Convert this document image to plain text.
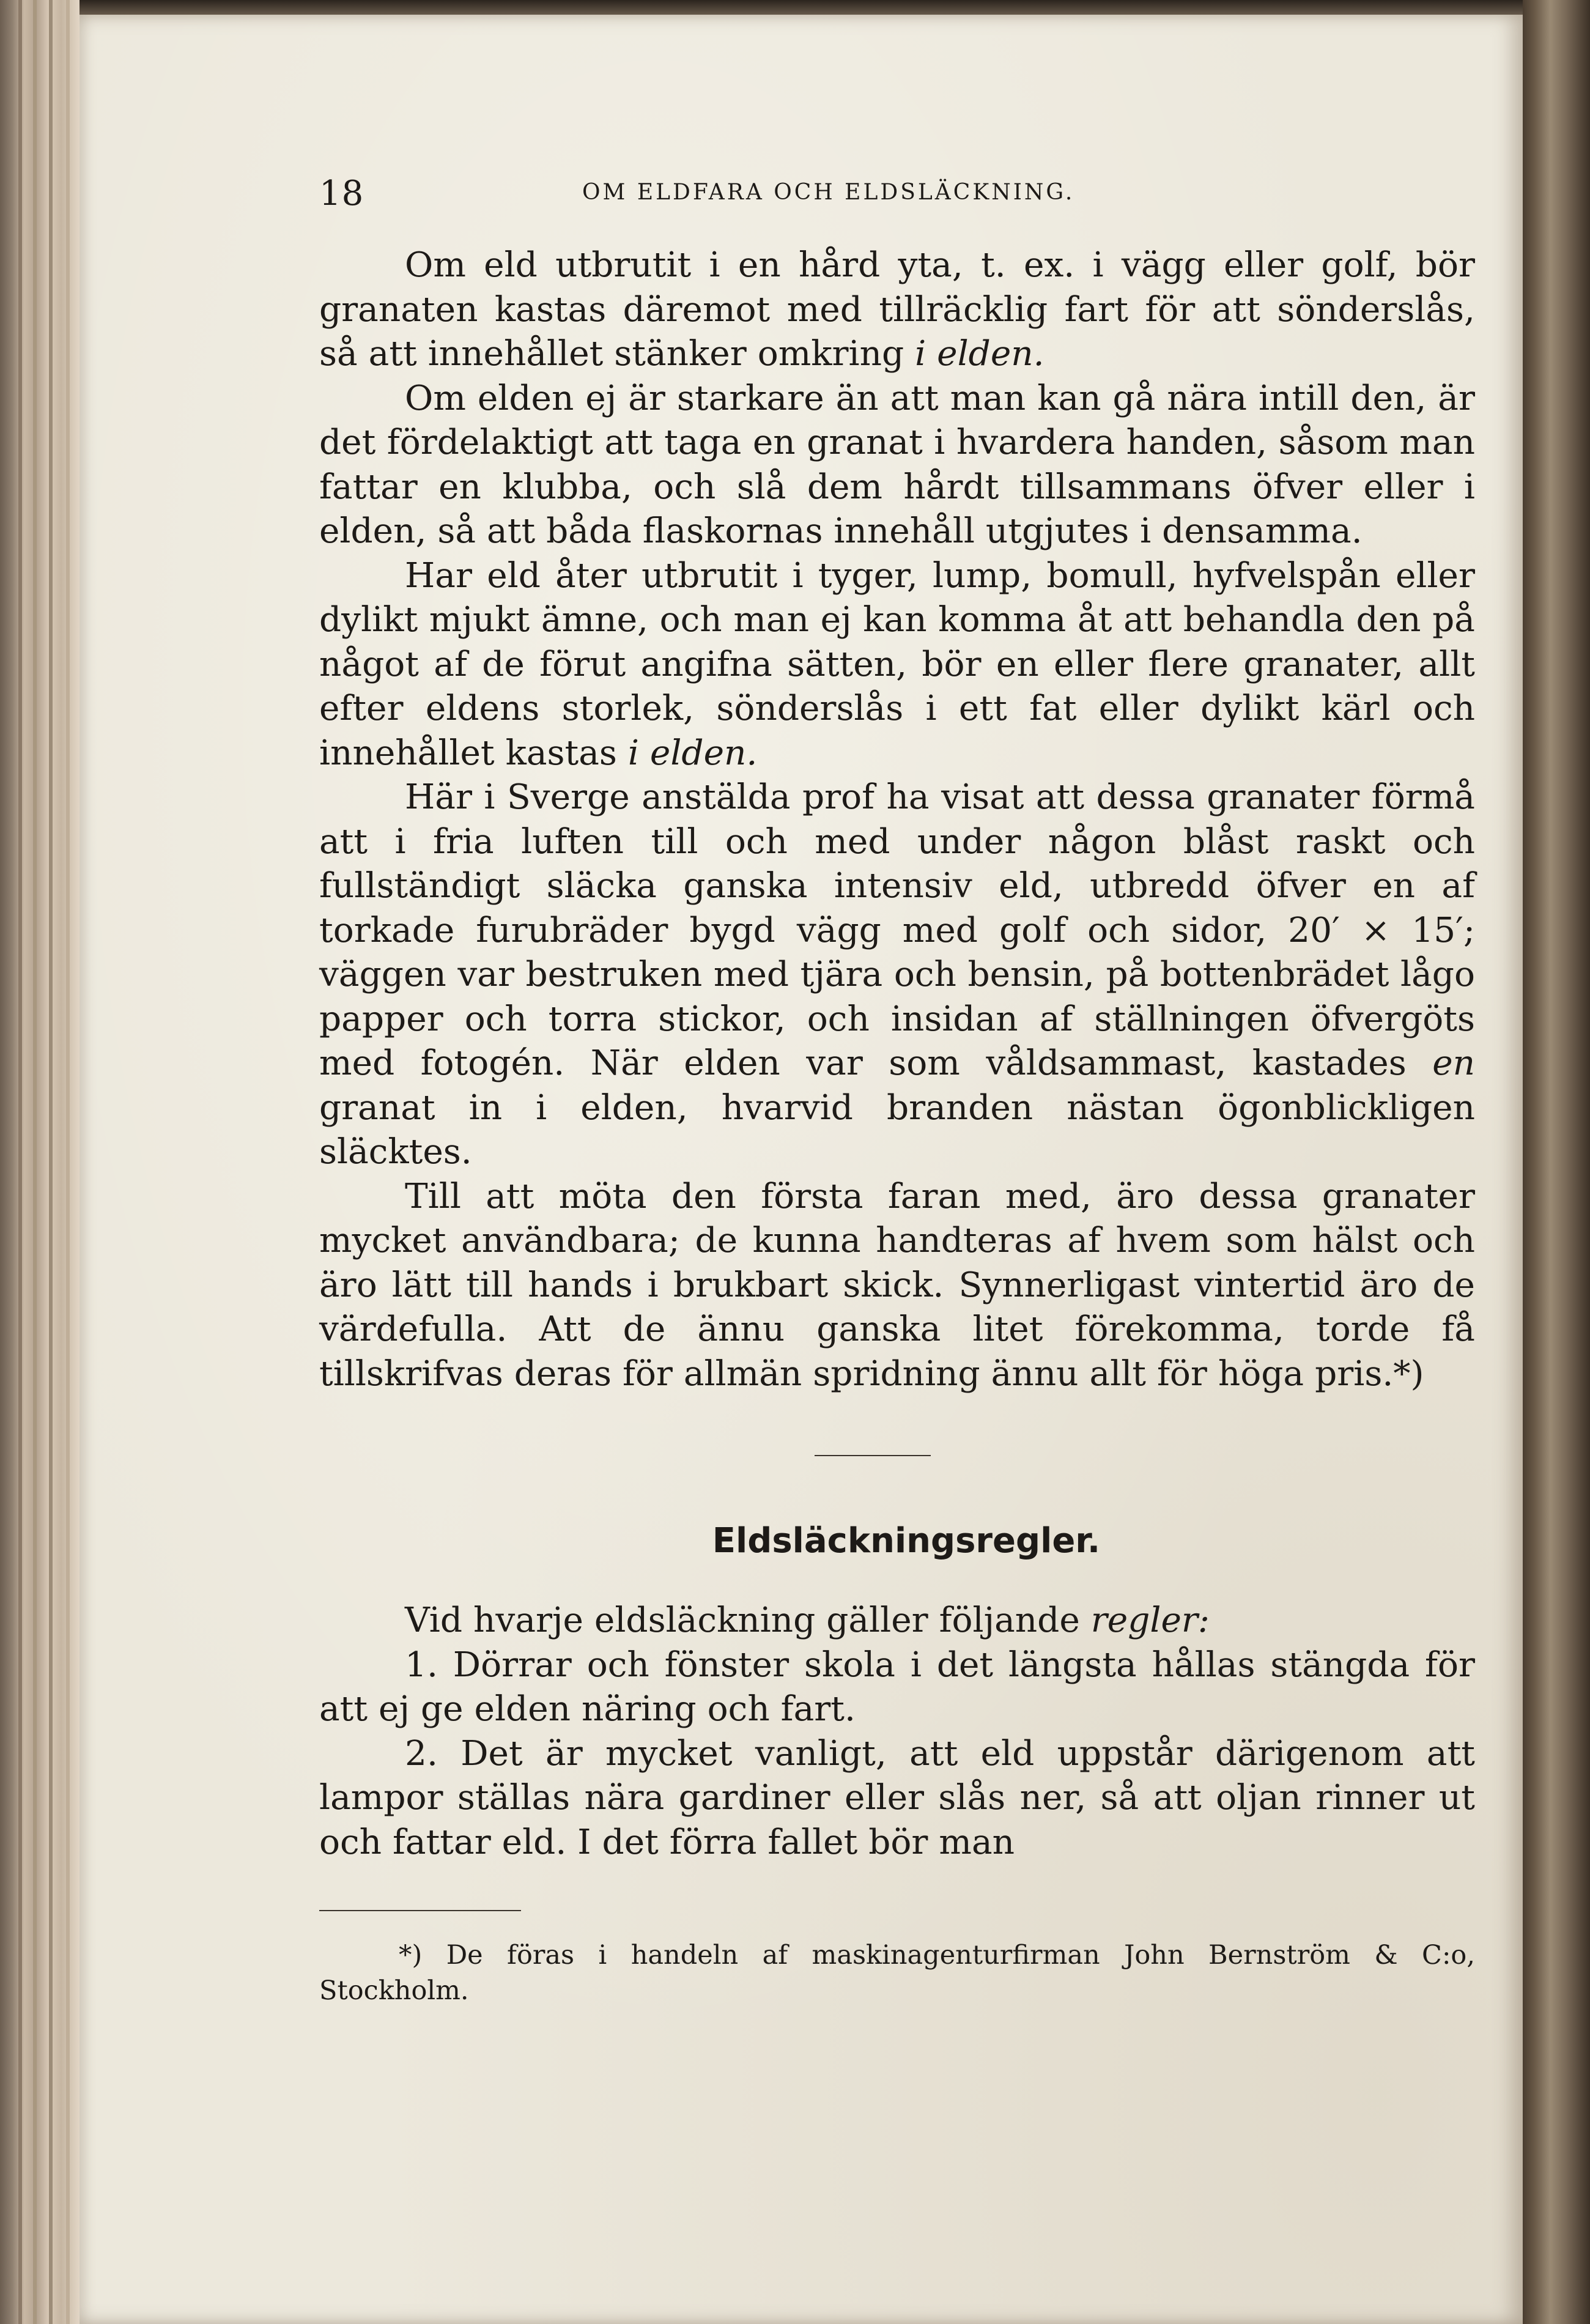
18	OM ELDFARA OCH ELDSLÄCKNING.

Om eld utbrutit i en hård yta, t. ex. i vägg eller golf, bör granaten kastas däremot med tillräcklig fart för att sönderslås, så att innehållet stänker omkring i elden.

Om elden ej är starkare än att man kan gå nära intill den, är det fördelaktigt att taga en granat i hvardera handen, såsom man fattar en klubba, och slå dem hårdt tillsammans öfver eller i elden, så att båda flaskornas innehåll utgjutes i densamma.

Har eld åter utbrutit i tyger, lump, bomull, hyfvelspån eller dylikt mjukt ämne, och man ej kan komma åt att behandla den på något af de förut angifna sätten, bör en eller flere granater, allt efter eldens storlek, sönderslås i ett fat eller dylikt kärl och innehållet kastas i elden.

Här i Sverge anstälda prof ha visat att dessa granater förmå att i fria luften till och med under någon blåst raskt och fullständigt släcka ganska intensiv eld, utbredd öfver en af torkade furubräder bygd vägg med golf och sidor, 20′ × 15′; väggen var bestruken med tjära och bensin, på bottenbrädet lågo papper och torra stickor, och insidan af ställningen öfvergöts med fotogén. När elden var som våldsammast, kastades en granat in i elden, hvarvid branden nästan ögonblickligen släcktes.

Till att möta den första faran med, äro dessa granater mycket användbara; de kunna handteras af hvem som hälst och äro lätt till hands i brukbart skick. Synnerligast vintertid äro de värdefulla. Att de ännu ganska litet förekomma, torde få tillskrifvas deras för allmän spridning ännu allt för höga pris.*)

Eldsläckningsregler.

Vid hvarje eldsläckning gäller följande regler:

1. Dörrar och fönster skola i det längsta hållas stängda för att ej ge elden näring och fart.

2. Det är mycket vanligt, att eld uppstår därigenom att lampor ställas nära gardiner eller slås ner, så att oljan rinner ut och fattar eld. I det förra fallet bör man

*) De föras i handeln af maskinagenturfirman John Bernström & C:o, Stockholm.
